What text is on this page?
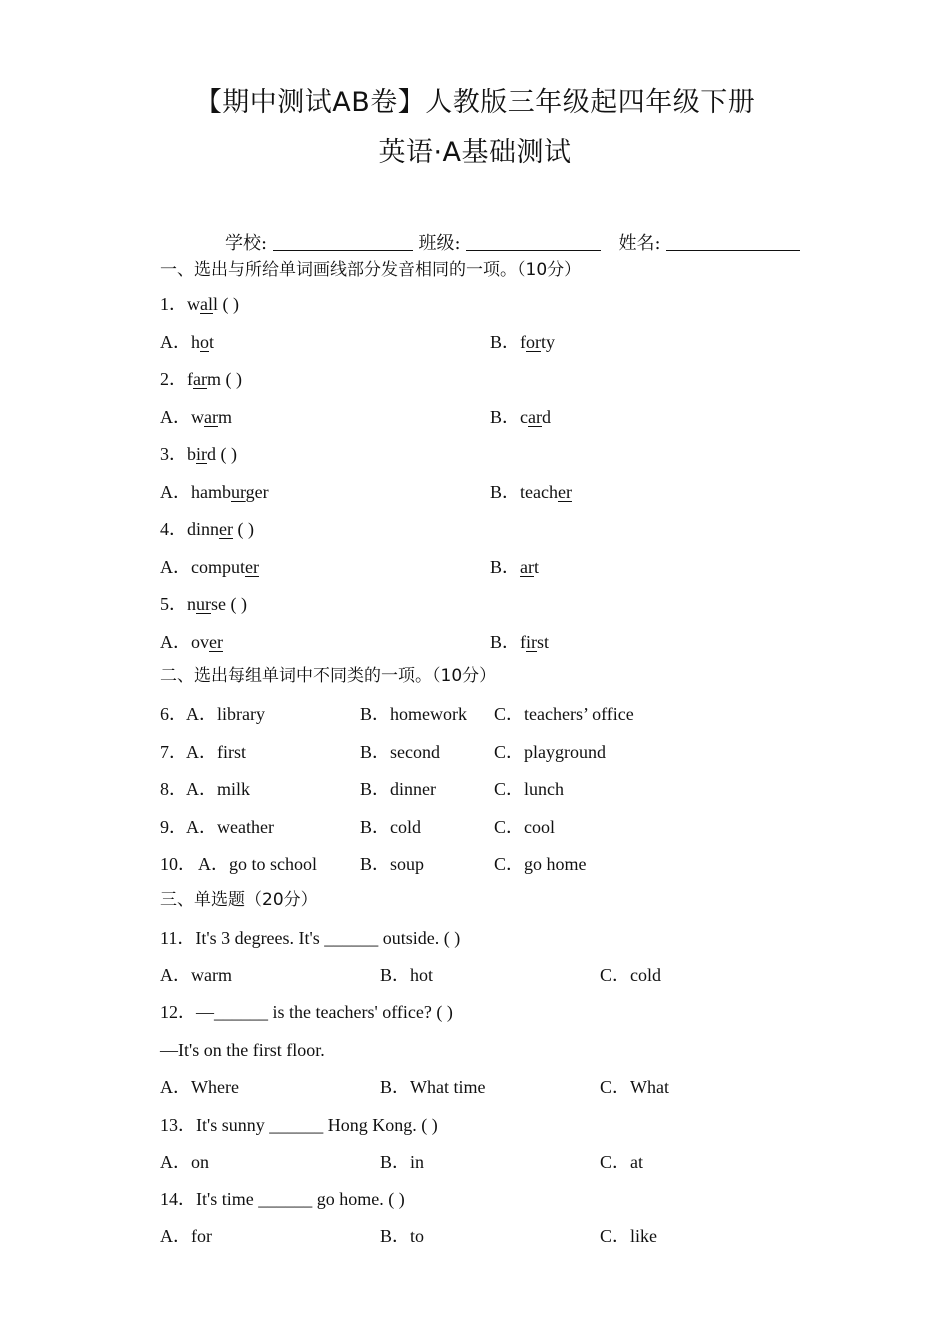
【期中测试AB卷】人教版三年级起四年级下册
英语·A基础测试
学校:	班级:	姓名:
一、选出与所给单词画线部分发音相同的一项。（10分）
1．wall ( )
A．hot	B．forty
2．farm ( )
A．warm	B．card
3．bird ( )
A．hamburger	B．teacher
4．dinner ( )
A．computer	B．art
5．nurse ( )
A．over	B．first
二、选出每组单词中不同类的一项。（10分）
6． A．library	B．homework C．teachers’ office
7． A．first	B．second	C．playground
8． A．milk	B．dinner	C．lunch
9． A．weather	B．cold	C．cool
10． A．go to school B．soup	C．go home
三、单选题（20分）
11．It's 3 degrees. It's ______ outside. ( )
A．warm	B．hot	C．cold
12．—______ is the teachers' office? ( )
—It's on the first floor.
A．Where	B．What time	C．What
13．It's sunny ______ Hong Kong. ( )
A．on	B．in	C．at
14．It's time ______ go home. ( )
A．for	B．to	C．like
